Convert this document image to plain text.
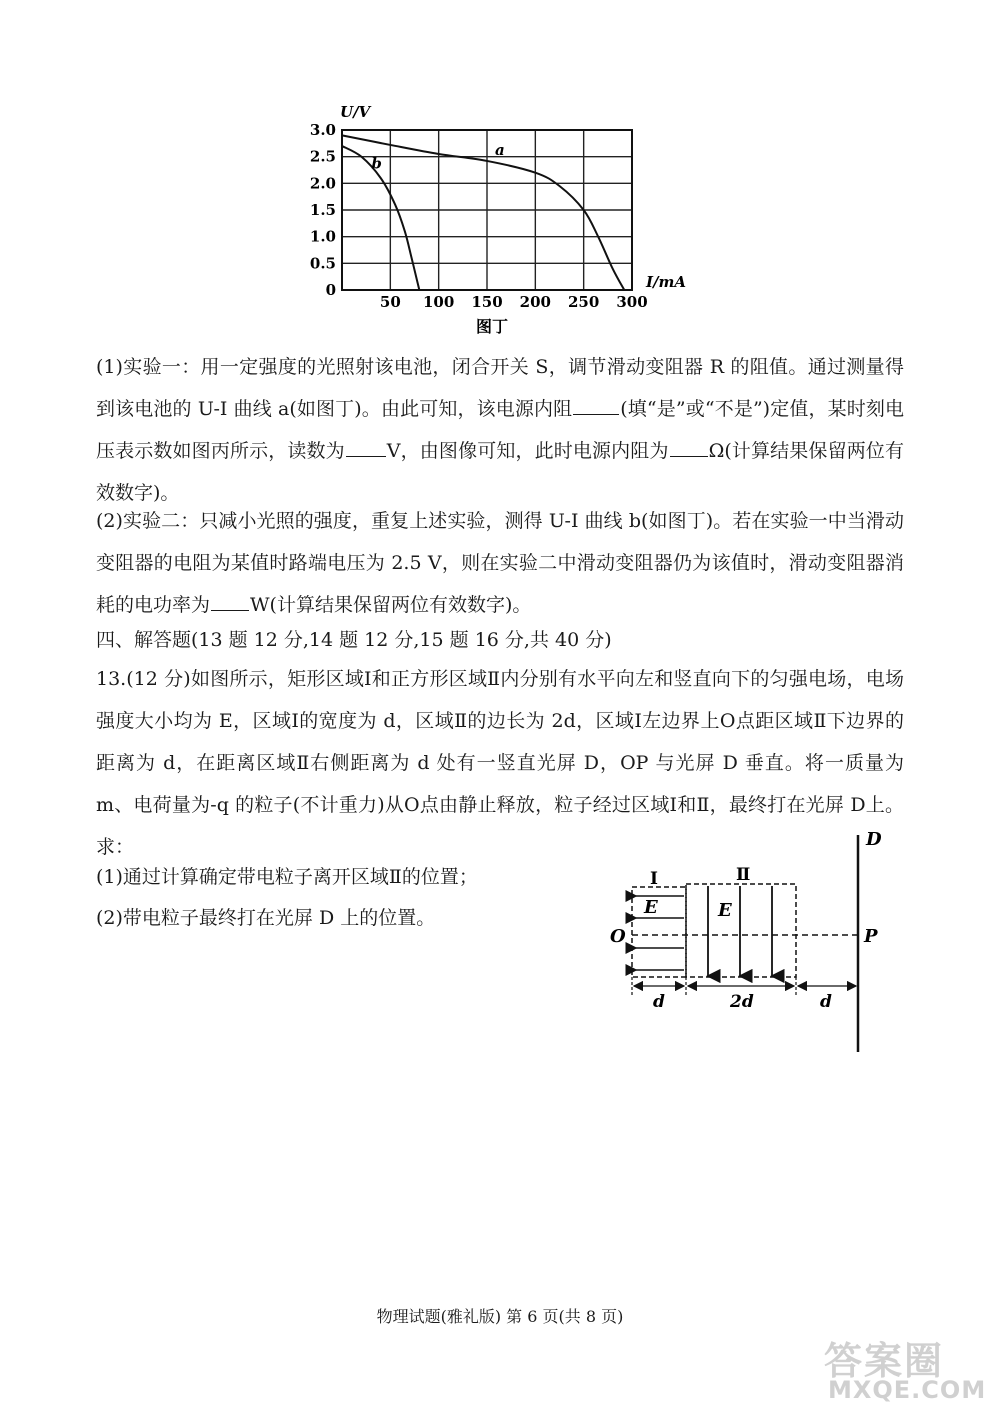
a
b
50 100 150 200 250 300
0
0.5
1.0
1.5
2.0
2.5
3.0
U/V
I/mA
图丁

(1)实验一：用一定强度的光照射该电池，闭合开关 S，调节滑动变阻器 R 的阻值。通过测量得到该电池的 U-I 曲线 a(如图丁)。由此可知，该电源内阻	(填“是”或“不是”)定值，某时刻电压表示数如图丙所示，读数为 V，由图像可知，此时电源内阻为 Ω(计算结果保留两位有效数字)。

(2)实验二：只减小光照的强度，重复上述实验，测得 U-I 曲线 b(如图丁)。若在实验一中当滑动变阻器的电阻为某值时路端电压为 2.5 V，则在实验二中滑动变阻器仍为该值时，滑动变阻器消耗的电功率为 W(计算结果保留两位有效数字)。

四、解答题(13 题 12 分,14 题 12 分,15 题 16 分,共 40 分)

13.(12 分)如图所示，矩形区域Ⅰ和正方形区域Ⅱ内分别有水平向左和竖直向下的匀强电场，电场强度大小均为 E，区域Ⅰ的宽度为 d，区域Ⅱ的边长为 2d，区域Ⅰ左边界上O点距区域Ⅱ下边界的距离为 d，在距离区域Ⅱ右侧距离为 d 处有一竖直光屏 D，OP 与光屏 D 垂直。将一质量为 m、电荷量为-q 的粒子(不计重力)从O点由静止释放，粒子经过区域Ⅰ和Ⅱ，最终打在光屏 D上。求：

(1)通过计算确定带电粒子离开区域Ⅱ的位置；
(2)带电粒子最终打在光屏 D 上的位置。
D
Ⅰ
E
Ⅱ
E
O	P
d	2d	d
物理试题(雅礼版) 第 6 页(共 8 页)
答案圈
MXQE.COM
